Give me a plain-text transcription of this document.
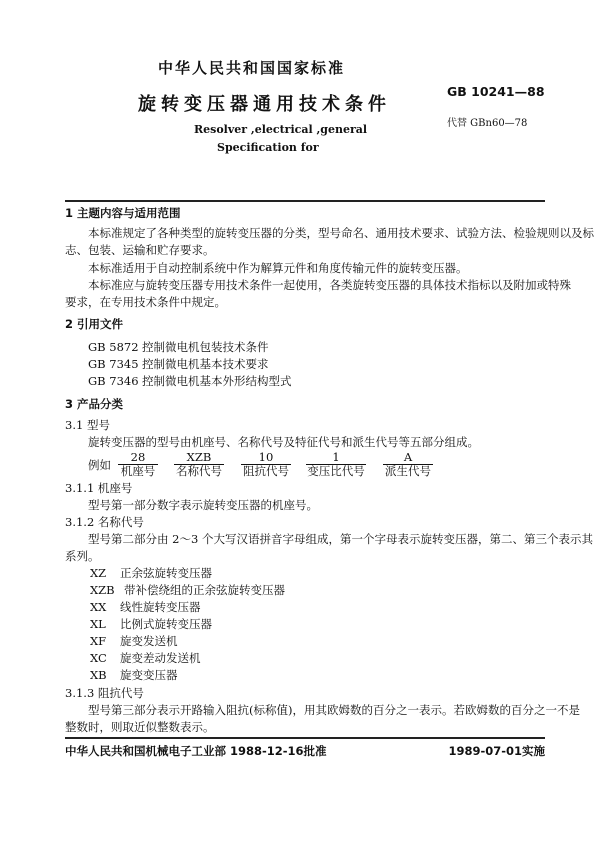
中华人民共和国国家标准
旋转变压器通用技术条件
GB 10241—88
代替 GBn60—78
Resolver ,electrical ,general
Specification for
1 主题内容与适用范围
本标准规定了各种类型的旋转变压器的分类，型号命名、通用技术要求、试验方法、检验规则以及标
志、包装、运输和贮存要求。
本标准适用于自动控制系统中作为解算元件和角度传输元件的旋转变压器。
本标准应与旋转变压器专用技术条件一起使用，各类旋转变压器的具体技术指标以及附加或特殊
要求，在专用技术条件中规定。
2 引用文件
GB 5872 控制微电机包装技术条件
GB 7345 控制微电机基本技术要求
GB 7346 控制微电机基本外形结构型式
3 产品分类
3.1 型号
旋转变压器的型号由机座号、名称代号及特征代号和派生代号等五部分组成。
例如
28
机座号
XZB
名称代号
10
阻抗代号
1
变压比代号
A
派生代号
3.1.1 机座号
型号第一部分数字表示旋转变压器的机座号。
3.1.2 名称代号
型号第二部分由 2～3 个大写汉语拼音字母组成，第一个字母表示旋转变压器，第二、第三个表示其
系列。
XZ 正余弦旋转变压器
XZB 带补偿绕组的正余弦旋转变压器
XX 线性旋转变压器
XL 比例式旋转变压器
XF 旋变发送机
XC 旋变差动发送机
XB 旋变变压器
3.1.3 阻抗代号
型号第三部分表示开路输入阻抗(标称值)，用其欧姆数的百分之一表示。若欧姆数的百分之一不是
整数时，则取近似整数表示。
中华人民共和国机械电子工业部 1988-12-16批准	1989-07-01实施
